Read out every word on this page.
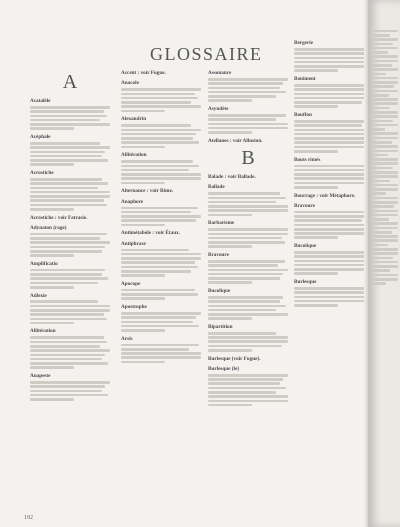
GLOSSAIRE
A
Acatalèle
Acéphale
Acrostiche
Acrostiche : voir Fatrasie.
Adynaton (rage)
Amplificatio
Adlexie
Allitération
Anapeste
Accent : voir Fugue.
Anacole
Alexandrin
Allitération
Alternance : voir Rime.
Anaphore
Antimétabole : voir Étaux.
Antiphrase
Apocope
Apostrophe
Arsis
Assonance
Asyndète
Atellanes : voir Allusion.
B
Balade : voir Ballade.
Ballade
Barbarisme
Bravoure
Bucolique
Bipartition
Burlesque (voir Fugue).
Burlesque (le)
Bergerie
Boniment
Bouffon
Bouts rimés
Bourrage : voir Métaphore.
Bravoure
Bucolique
Burlesque
192
